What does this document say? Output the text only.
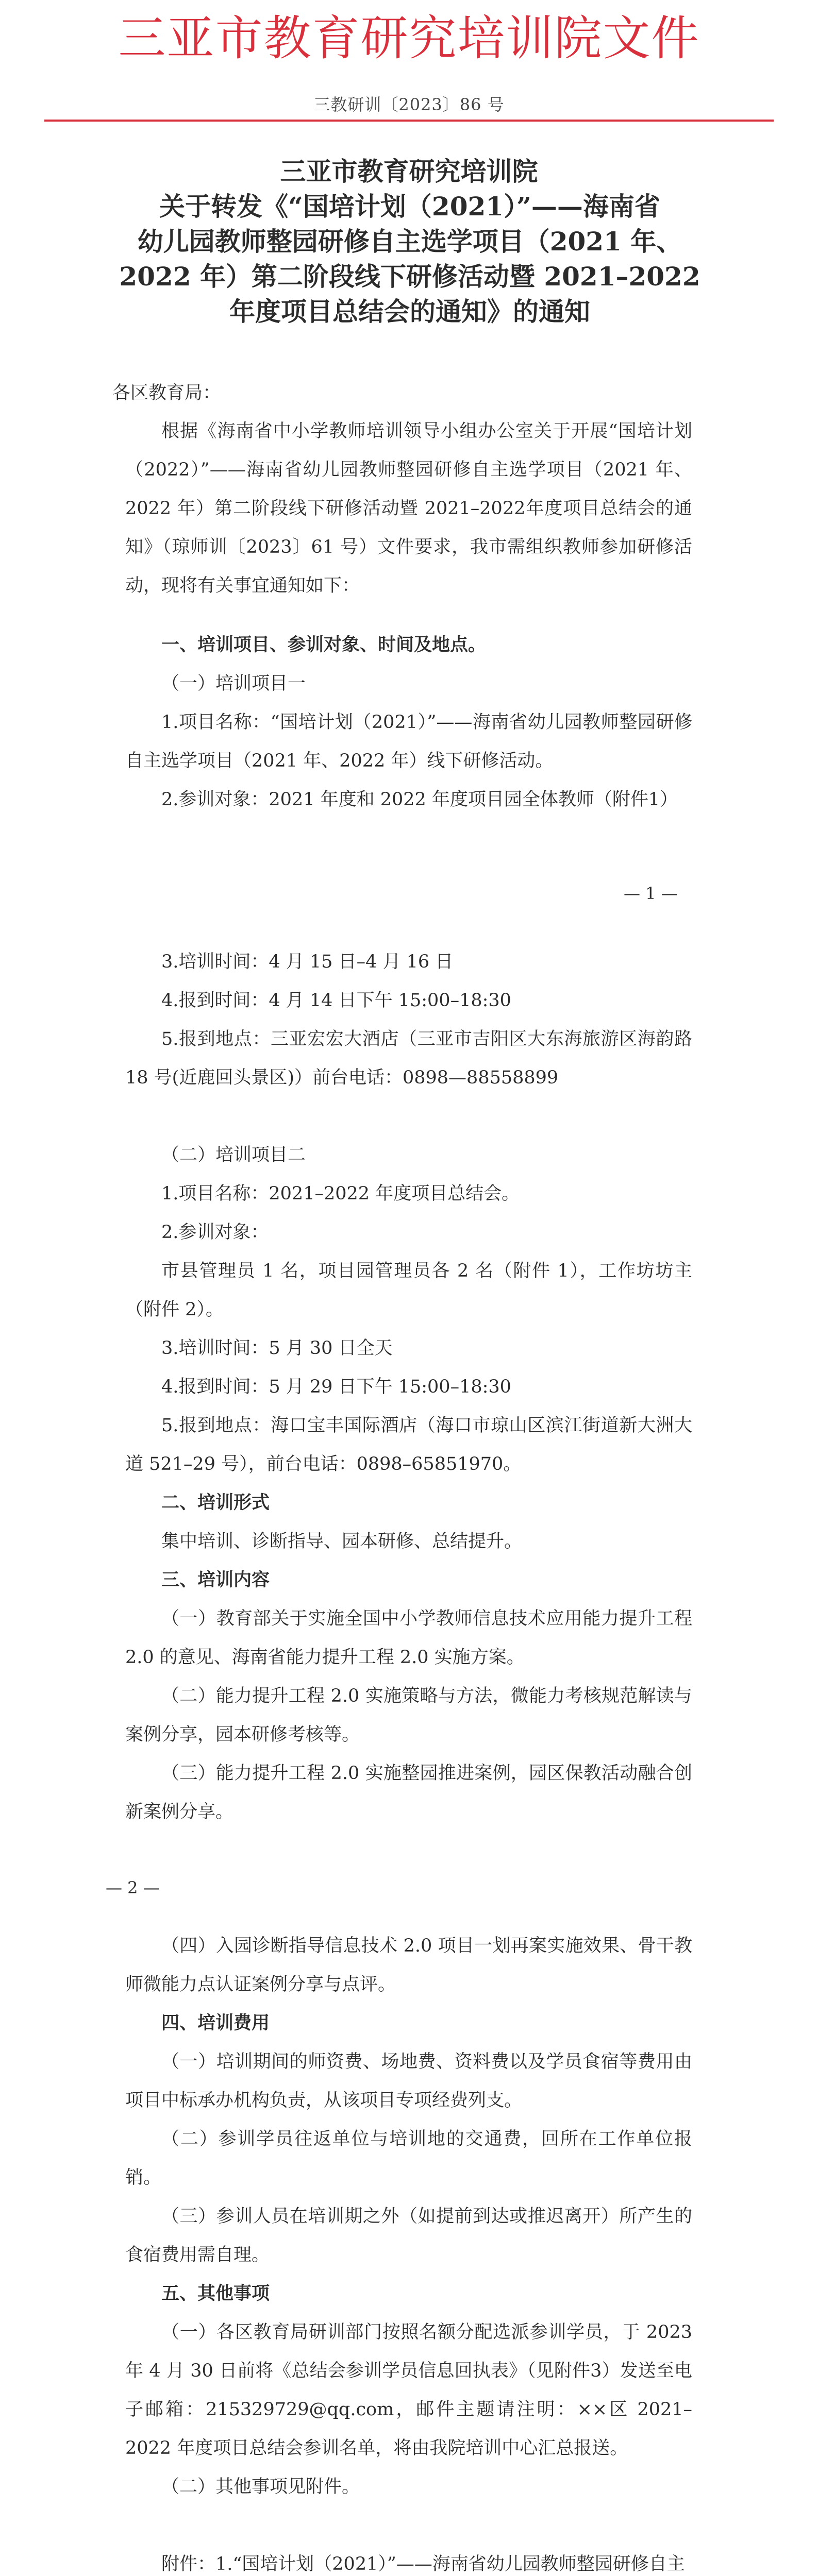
三亚市教育研究培训院文件
三教研训〔2023〕86 号
三亚市教育研究培训院
关于转发《“国培计划（2021）”——海南省
幼儿园教师整园研修自主选学项目（2021 年、
2022 年）第二阶段线下研修活动暨 2021–2022
年度项目总结会的通知》的通知
各区教育局：
根据《海南省中小学教师培训领导小组办公室关于开展“国培计划（2022）”——海南省幼儿园教师整园研修自主选学项目（2021 年、2022 年）第二阶段线下研修活动暨 2021–2022年度项目总结会的通知》（琼师训〔2023〕61 号）文件要求，我市需组织教师参加研修活动，现将有关事宜通知如下：
一、培训项目、参训对象、时间及地点。
（一）培训项目一
1.项目名称：“国培计划（2021）”——海南省幼儿园教师整园研修自主选学项目（2021 年、2022 年）线下研修活动。
2.参训对象：2021 年度和 2022 年度项目园全体教师（附件1）
— 1 —
3.培训时间：4 月 15 日–4 月 16 日
4.报到时间：4 月 14 日下午 15:00–18:30
5.报到地点：三亚宏宏大酒店（三亚市吉阳区大东海旅游区海韵路 18 号(近鹿回头景区)）前台电话：0898—88558899
（二）培训项目二
1.项目名称：2021–2022 年度项目总结会。
2.参训对象：
市县管理员 1 名，项目园管理员各 2 名（附件 1），工作坊坊主（附件 2）。
3.培训时间：5 月 30 日全天
4.报到时间：5 月 29 日下午 15:00–18:30
5.报到地点：海口宝丰国际酒店（海口市琼山区滨江街道新大洲大道 521–29 号），前台电话：0898–65851970。
二、培训形式
集中培训、诊断指导、园本研修、总结提升。
三、培训内容
（一）教育部关于实施全国中小学教师信息技术应用能力提升工程 2.0 的意见、海南省能力提升工程 2.0 实施方案。
（二）能力提升工程 2.0 实施策略与方法，微能力考核规范解读与案例分享，园本研修考核等。
（三）能力提升工程 2.0 实施整园推进案例，园区保教活动融合创新案例分享。
— 2 —
（四）入园诊断指导信息技术 2.0 项目一划再案实施效果、骨干教师微能力点认证案例分享与点评。
四、培训费用
（一）培训期间的师资费、场地费、资料费以及学员食宿等费用由项目中标承办机构负责，从该项目专项经费列支。
（二）参训学员往返单位与培训地的交通费，回所在工作单位报销。
（三）参训人员在培训期之外（如提前到达或推迟离开）所产生的食宿费用需自理。
五、其他事项
（一）各区教育局研训部门按照名额分配选派参训学员，于 2023 年 4 月 30 日前将《总结会参训学员信息回执表》（见附件3）发送至电子邮箱：215329729@qq.com，邮件主题请注明：××区 2021–2022 年度项目总结会参训名单，将由我院培训中心汇总报送。
（二）其他事项见附件。
附件： 1.“国培计划（2021）”——海南省幼儿园教师整园研修自主
